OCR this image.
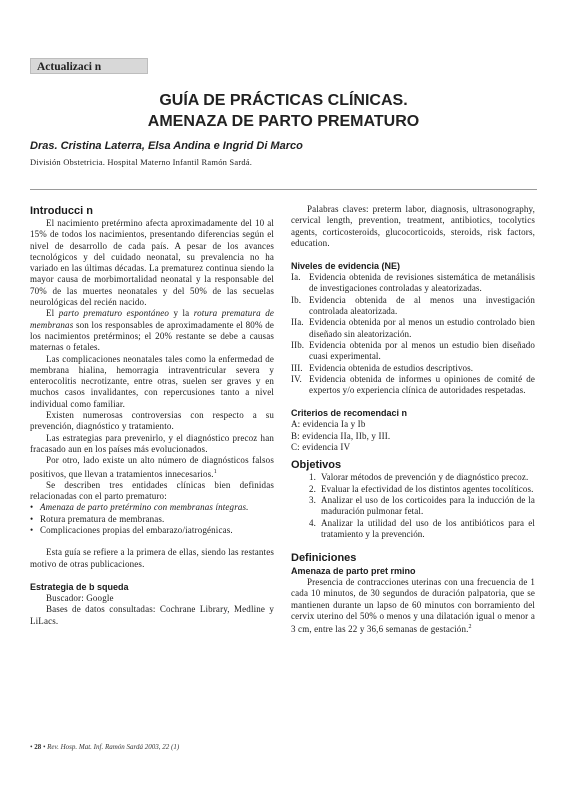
Actualizaci n
GUÍA DE PRÁCTICAS CLÍNICAS.
AMENAZA DE PARTO PREMATURO
Dras. Cristina Laterra, Elsa Andina e Ingrid Di Marco
División Obstetricia. Hospital Materno Infantil Ramón Sardá.
Introducci n

El nacimiento pretérmino afecta aproximadamente del 10 al 15% de todos los nacimientos, presentando diferencias según el nivel de desarrollo de cada país. A pesar de los avances tecnológicos y del cuidado neonatal, su prevalencia no ha variado en las últimas décadas. La prematurez continua siendo la mayor causa de morbimortalidad neonatal y la responsable del 70% de las muertes neonatales y del 50% de las secuelas neurológicas del recién nacido.

El parto prematuro espontáneo y la rotura prematura de membranas son los responsables de aproximadamente el 80% de los nacimientos pretérminos; el 20% restante se debe a causas maternas o fetales.

Las complicaciones neonatales tales como la enfermedad de membrana hialina, hemorragia intraventricular severa y enterocolitis necrotizante, entre otras, suelen ser graves y en muchos casos invalidantes, con repercusiones tanto a nivel individual como familiar.

Existen numerosas controversias con respecto a su prevención, diagnóstico y tratamiento.

Las estrategias para prevenirlo, y el diagnóstico precoz han fracasado aun en los países más evolucionados.

Por otro, lado existe un alto número de diagnósticos falsos positivos, que llevan a tratamientos innecesarios.$^1$

Se describen tres entidades clínicas bien definidas relacionadas con el parto prematuro:

• Amenaza de parto pretérmino con membranas íntegras.
• Rotura prematura de membranas.
• Complicaciones propias del embarazo/iatrogénicas.

Esta guía se refiere a la primera de ellas, siendo las restantes motivo de otras publicaciones.

Estrategia de b squeda

Buscador: Google

Bases de datos consultadas: Cochrane Library, Medline y LiLacs.

Palabras claves: preterm labor, diagnosis, ultrasonography, cervical length, prevention, treatment, antibiotics, tocolytics agents, corticosteroids, glucocorticoids, steroids, risk factors, education.

Niveles de evidencia (NE)
Ia. Evidencia obtenida de revisiones sistemática de metanálisis de investigaciones controladas y aleatorizadas.
Ib. Evidencia obtenida de al menos una investigación controlada aleatorizada.
IIa. Evidencia obtenida por al menos un estudio controlado bien diseñado sin aleatorización.
IIb. Evidencia obtenida por al menos un estudio bien diseñado cuasi experimental.
III. Evidencia obtenida de estudios descriptivos.
IV. Evidencia obtenida de informes u opiniones de comité de expertos y/o experiencia clínica de autoridades respetadas.
Criterios de recomendaci n
A: evidencia Ia y Ib
B: evidencia IIa, IIb, y III.
C: evidencia IV
Objetivos
1. Valorar métodos de prevención y de diagnóstico precoz.
2. Evaluar la efectividad de los distintos agentes tocolíticos.
3. Analizar el uso de los corticoides para la inducción de la maduración pulmonar fetal.
4. Analizar la utilidad del uso de los antibióticos para el tratamiento y la prevención.
Definiciones
Amenaza de parto pret rmino

Presencia de contracciones uterinas con una frecuencia de 1 cada 10 minutos, de 30 segundos de duración palpatoria, que se mantienen durante un lapso de 60 minutos con borramiento del cervix uterino del 50% o menos y una dilatación igual o menor a 3 cm, entre las 22 y 36,6 semanas de gestación.$^2$

• 28 • Rev. Hosp. Mat. Inf. Ramón Sardá 2003, 22 (1)
